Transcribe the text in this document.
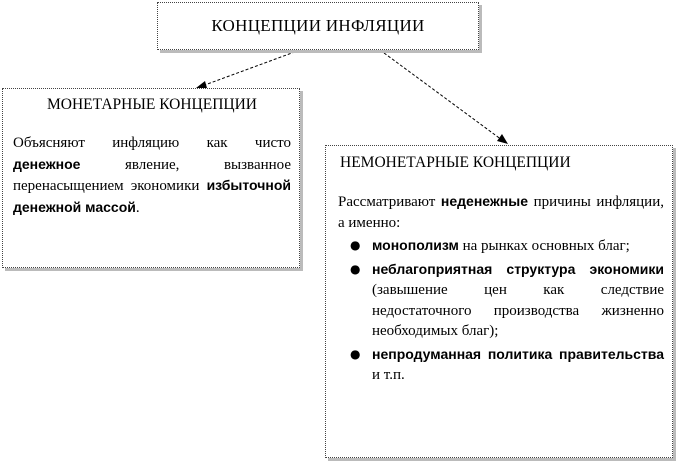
КОНЦЕПЦИИ ИНФЛЯЦИИ
МОНЕТАРНЫЕ КОНЦЕПЦИИ
Объясняют инфляцию как чисто денежное явление, вызванное перенасыщением экономики избыточной денежной массой.
НЕМОНЕТАРНЫЕ КОНЦЕПЦИИ
Рассматривают неденежные причины инфляции, а именно:
● монополизм на рынках основных благ;
● неблагоприятная структура экономики (завышение цен как следствие недостаточного производства жизненно необходимых благ);
● непродуманная политика правительства и т.п.
